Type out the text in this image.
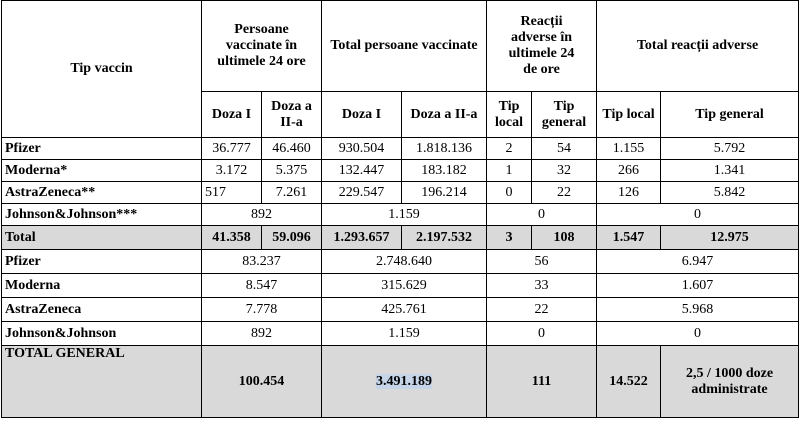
Tip vaccin	Persoane vaccinate în ultimele 24 ore		Total persoane vaccinate		Reacții adverse în ultimele 24 de ore		Total reacții adverse	
	Doza I	Doza a II-a	Doza I	Doza a II-a	Tip local	Tip general	Tip local	Tip general
Pfizer	36.777	46.460	930.504	1.818.136	2	54	1.155	5.792
Moderna*	3.172	5.375	132.447	183.182	1	32	266	1.341
AstraZeneca**	517	7.261	229.547	196.214	0	22	126	5.842
Johnson&Johnson***	892		1.159		0		0	
Total	41.358	59.096	1.293.657	2.197.532	3	108	1.547	12.975
Pfizer	83.237		2.748.640		56		6.947	
Moderna	8.547		315.629		33		1.607	
AstraZeneca	7.778		425.761		22		5.968	
Johnson&Johnson	892		1.159		0		0	
TOTAL GENERAL	100.454		3.491.189		111		14.522	2,5 / 1000 doze administrate
